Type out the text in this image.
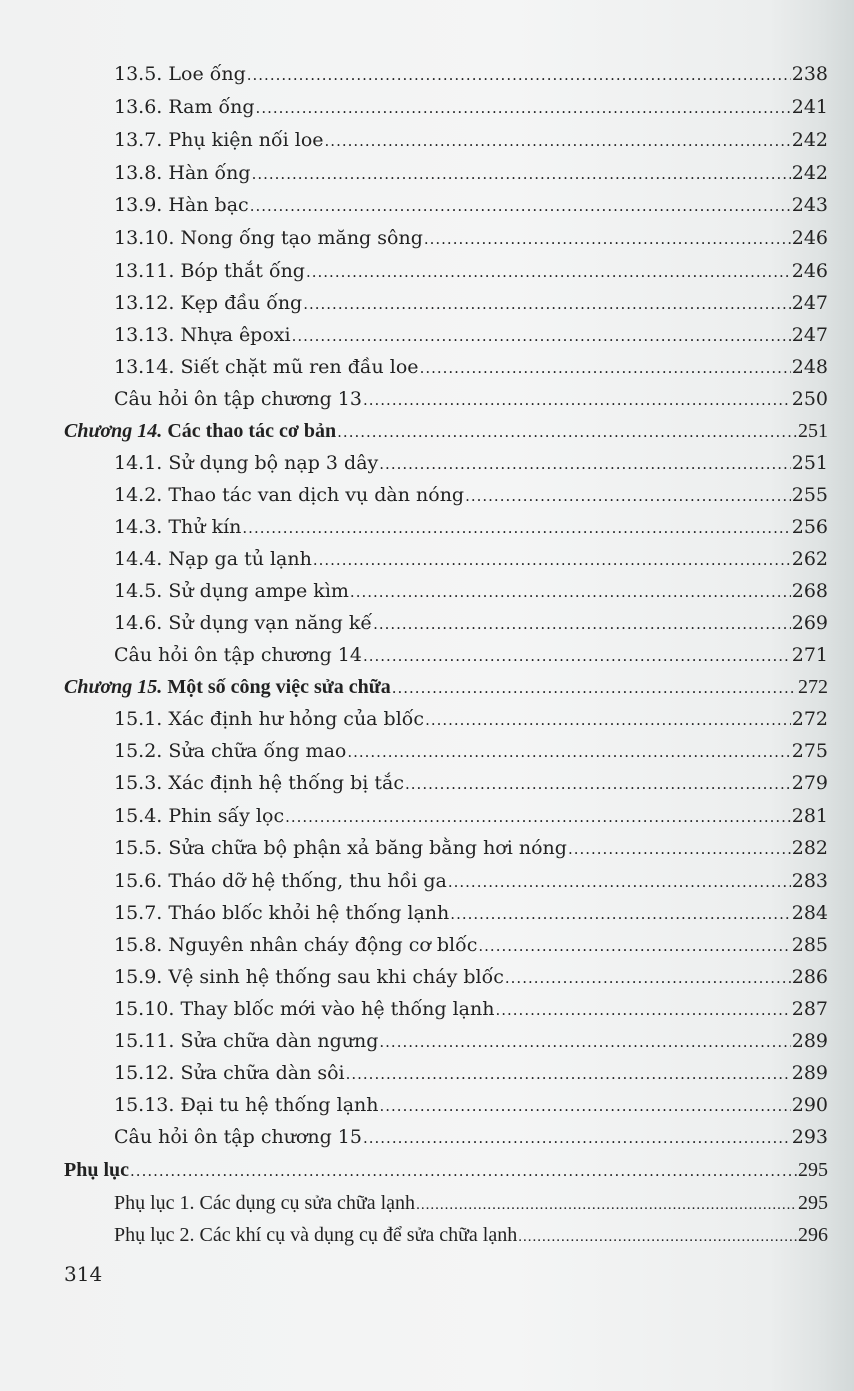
13.5. Loe ống .....	238
13.6. Ram ống .....	241
13.7. Phụ kiện nối loe .....	242
13.8. Hàn ống .....	242
13.9. Hàn bạc .....	243
13.10. Nong ống tạo măng sông .....	246
13.11. Bóp thắt ống .....	246
13.12. Kẹp đầu ống .....	247
13.13. Nhựa êpoxi .....	247
13.14. Siết chặt mũ ren đầu loe .....	248
Câu hỏi ôn tập chương 13 .....	250
Chương 14. Các thao tác cơ bản .....	251
14.1. Sử dụng bộ nạp 3 dây .....	251
14.2. Thao tác van dịch vụ dàn nóng .....	255
14.3. Thử kín .....	256
14.4. Nạp ga tủ lạnh .....	262
14.5. Sử dụng ampe kìm .....	268
14.6. Sử dụng vạn năng kế .....	269
Câu hỏi ôn tập chương 14 .....	271
Chương 15. Một số công việc sửa chữa .....	272
15.1. Xác định hư hỏng của blốc .....	272
15.2. Sửa chữa ống mao .....	275
15.3. Xác định hệ thống bị tắc .....	279
15.4. Phin sấy lọc .....	281
15.5. Sửa chữa bộ phận xả băng bằng hơi nóng .....	282
15.6. Tháo dỡ hệ thống, thu hồi ga .....	283
15.7. Tháo blốc khỏi hệ thống lạnh .....	284
15.8. Nguyên nhân cháy động cơ blốc .....	285
15.9. Vệ sinh hệ thống sau khi cháy blốc .....	286
15.10. Thay blốc mới vào hệ thống lạnh .....	287
15.11. Sửa chữa dàn ngưng .....	289
15.12. Sửa chữa dàn sôi .....	289
15.13. Đại tu hệ thống lạnh .....	290
Câu hỏi ôn tập chương 15 .....	293
Phụ lục .....	295
Phụ lục 1. Các dụng cụ sửa chữa lạnh .....	295
Phụ lục 2. Các khí cụ và dụng cụ để sửa chữa lạnh .....	296
314
